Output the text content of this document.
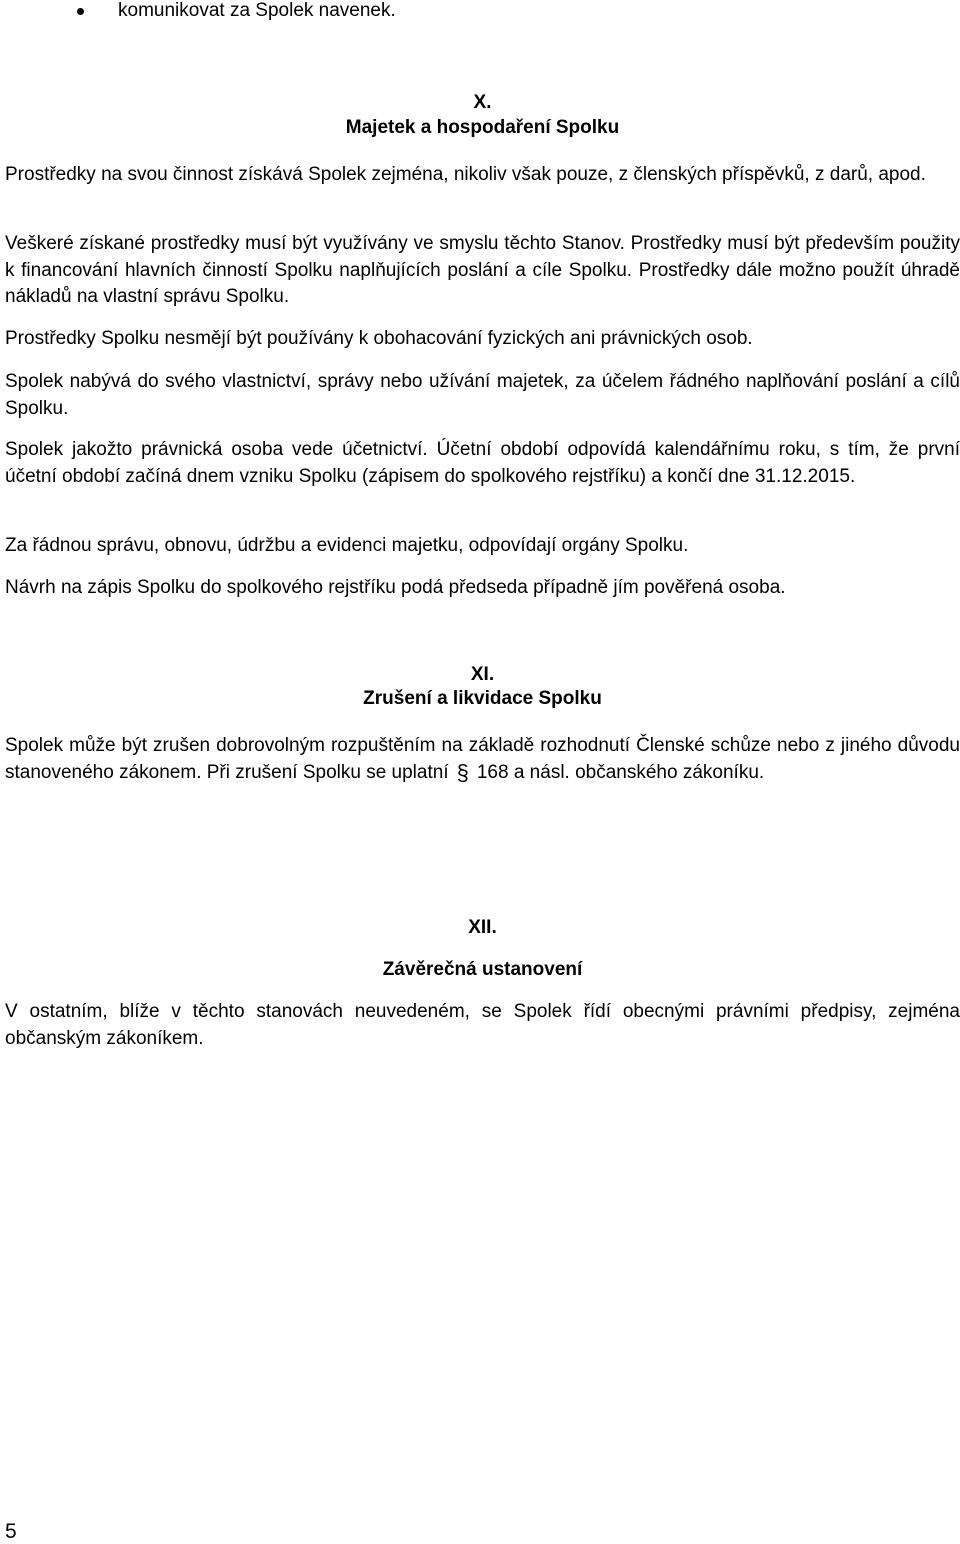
komunikovat za Spolek navenek.
X.
Majetek a hospodaření Spolku
Prostředky na svou činnost získává Spolek zejména, nikoliv však pouze, z členských příspěvků, z darů, apod.
Veškeré získané prostředky musí být využívány ve smyslu těchto Stanov. Prostředky musí být především použity k financování hlavních činností Spolku naplňujících poslání a cíle Spolku. Prostředky dále možno použít úhradě nákladů na vlastní správu Spolku.
Prostředky Spolku nesmějí být používány k obohacování fyzických ani právnických osob.
Spolek nabývá do svého vlastnictví, správy nebo užívání majetek, za účelem řádného naplňování poslání a cílů Spolku.
Spolek jakožto právnická osoba vede účetnictví. Účetní období odpovídá kalendářnímu roku, s tím, že první účetní období začíná dnem vzniku Spolku (zápisem do spolkového rejstříku) a končí dne 31.12.2015.
Za řádnou správu, obnovu, údržbu a evidenci majetku, odpovídají orgány Spolku.
Návrh na zápis Spolku do spolkového rejstříku podá předseda případně jím pověřená osoba.
XI.
Zrušení a likvidace Spolku
Spolek může být zrušen dobrovolným rozpuštěním na základě rozhodnutí Členské schůze nebo z jiného důvodu stanoveného zákonem. Při zrušení Spolku se uplatní § 168 a násl. občanského zákoníku.
XII.
Závěrečná ustanovení
V ostatním, blíže v těchto stanovách neuvedeném, se Spolek řídí obecnými právními předpisy, zejména občanským zákoníkem.
5
